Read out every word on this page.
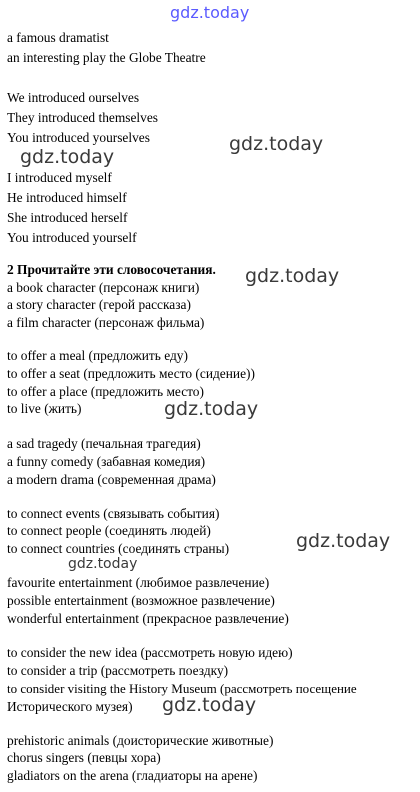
gdz.today
a famous dramatist
an interesting play the Globe Theatre
We introduced ourselves
They introduced themselves
You introduced yourselves	gdz.today
gdz.today
I introduced myself
He introduced himself
She introduced herself
You introduced yourself
2 Прочитайте эти словосочетания. gdz.today
a book character (персонаж книги)
a story character (герой рассказа)
a film character (персонаж фильма)
to offer a meal (предложить еду)
to offer a seat (предложить место (сидение))
to offer a place (предложить место)
to live (жить)	gdz.today
a sad tragedy (печальная трагедия)
a funny comedy (забавная комедия)
a modern drama (современная драма)
to connect events (связывать события)
to connect people (соединять людей)
to connect countries (соединять страны)	gdz.today
gdz.today
favourite entertainment (любимое развлечение)
possible entertainment (возможное развлечение)
wonderful entertainment (прекрасное развлечение)
to consider the new idea (рассмотреть новую идею)
to consider a trip (рассмотреть поездку)
to consider visiting the History Museum (рассмотреть посещение
Исторического музея) gdz.today
prehistoric animals (доисторические животные)
chorus singers (певцы хора)
gladiators on the arena (гладиаторы на арене)
